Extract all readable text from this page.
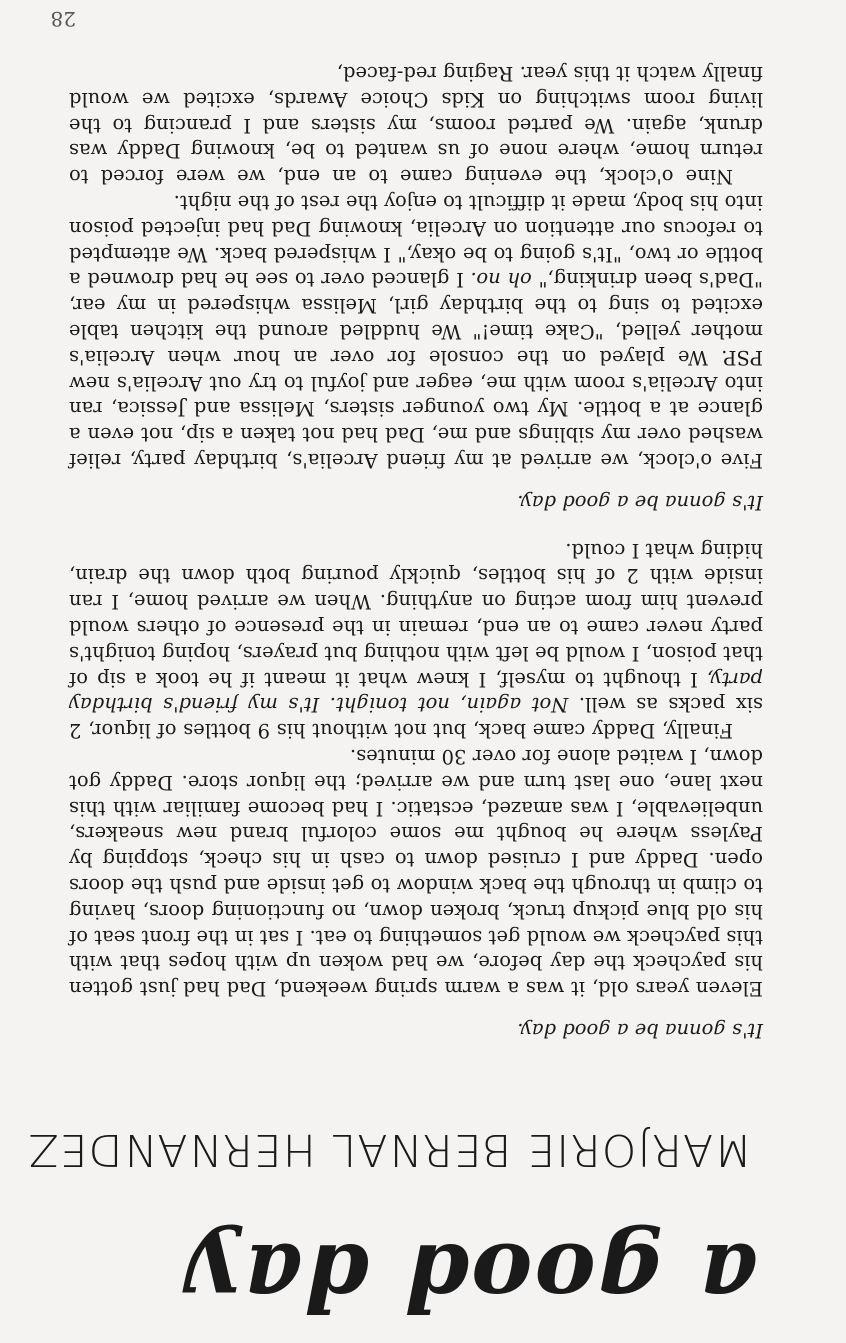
a good day
MARJORIE BERNAL HERNANDEZ

It's gonna be a good day.

Eleven years old, it was a warm spring weekend, Dad had just gotten his paycheck the day before, we had woken up with hopes that with this paycheck we would get something to eat. I sat in the front seat of his old blue pickup truck, broken down, no functioning doors, having to climb in through the back window to get inside and push the doors open. Daddy and I cruised down to cash in his check, stopping by Payless where he bought me some colorful brand new sneakers, unbelievable, I was amazed, ecstatic. I had become familiar with this next lane, one last turn and we arrived; the liquor store. Daddy got down, I waited alone for over 30 minutes.

Finally, Daddy came back, but not without his 9 bottles of liquor, 2 six packs as well. Not again, not tonight. It's my friend's birthday party, I thought to myself, I knew what it meant if he took a sip of that poison, I would be left with nothing but prayers, hoping tonight's party never came to an end, remain in the presence of others would prevent him from acting on anything. When we arrived home, I ran inside with 2 of his bottles, quickly pouring both down the drain, hiding what I could.

It's gonna be a good day.

Five o'clock, we arrived at my friend Arcelia's, birthday party, relief washed over my siblings and me, Dad had not taken a sip, not even a glance at a bottle. My two younger sisters, Melissa and Jessica, ran into Arcelia's room with me, eager and joyful to try out Arcelia's new PSP. We played on the console for over an hour when Arcelia's mother yelled, "Cake time!" We huddled around the kitchen table excited to sing to the birthday girl, Melissa whispered in my ear, "Dad's been drinking," oh no. I glanced over to see he had drowned a bottle or two, "It's going to be okay," I whispered back. We attempted to refocus our attention on Arcelia, knowing Dad had injected poison into his body, made it difficult to enjoy the rest of the night.

Nine o'clock, the evening came to an end, we were forced to return home, where none of us wanted to be, knowing Daddy was drunk, again. We parted rooms, my sisters and I prancing to the living room switching on Kids Choice Awards, excited we would finally watch it this year. Raging red-faced,

28
